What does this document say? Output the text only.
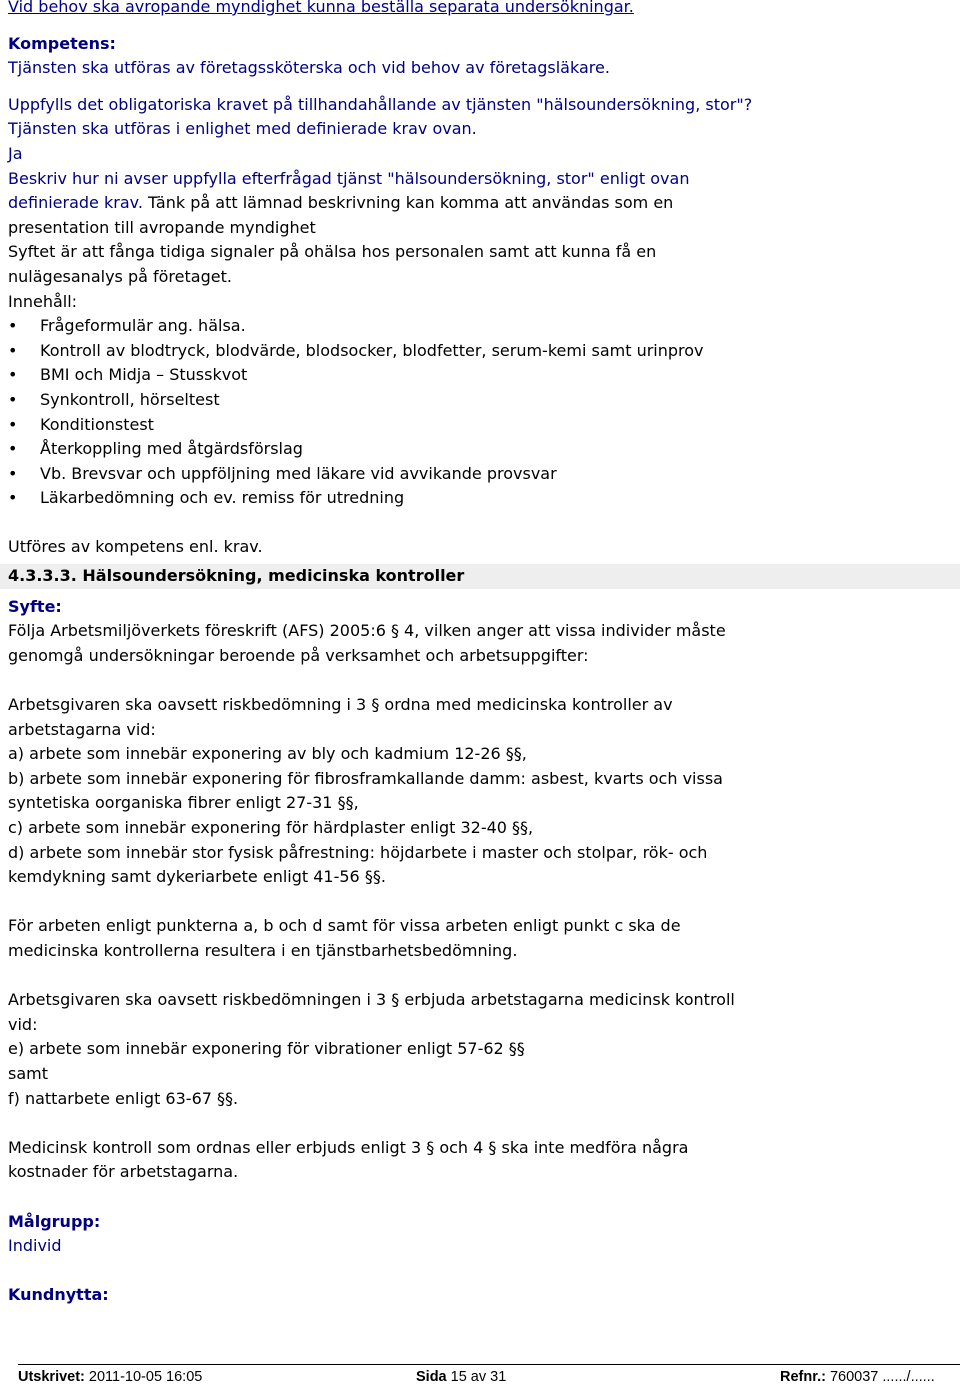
Vid behov ska avropande myndighet kunna beställa separata undersökningar.
Kompetens:
Tjänsten ska utföras av företagssköterska och vid behov av företagsläkare.
Uppfylls det obligatoriska kravet på tillhandahållande av tjänsten "hälsoundersökning, stor"?
Tjänsten ska utföras i enlighet med definierade krav ovan.
Ja
Beskriv hur ni avser uppfylla efterfrågad tjänst "hälsoundersökning, stor" enligt ovan
definierade krav. Tänk på att lämnad beskrivning kan komma att användas som en
presentation till avropande myndighet
Syftet är att fånga tidiga signaler på ohälsa hos personalen samt att kunna få en
nulägesanalys på företaget.
Innehåll:
• Frågeformulär ang. hälsa.
• Kontroll av blodtryck, blodvärde, blodsocker, blodfetter, serum-kemi samt urinprov
• BMI och Midja – Stusskvot
• Synkontroll, hörseltest
• Konditionstest
• Återkoppling med åtgärdsförslag
• Vb. Brevsvar och uppföljning med läkare vid avvikande provsvar
• Läkarbedömning och ev. remiss för utredning
Utföres av kompetens enl. krav.
4.3.3.3. Hälsoundersökning, medicinska kontroller
Syfte:
Följa Arbetsmiljöverkets föreskrift (AFS) 2005:6 § 4, vilken anger att vissa individer måste
genomgå undersökningar beroende på verksamhet och arbetsuppgifter:
Arbetsgivaren ska oavsett riskbedömning i 3 § ordna med medicinska kontroller av
arbetstagarna vid:
a) arbete som innebär exponering av bly och kadmium 12-26 §§,
b) arbete som innebär exponering för fibrosframkallande damm: asbest, kvarts och vissa
syntetiska oorganiska fibrer enligt 27-31 §§,
c) arbete som innebär exponering för härdplaster enligt 32-40 §§,
d) arbete som innebär stor fysisk påfrestning: höjdarbete i master och stolpar, rök- och
kemdykning samt dykeriarbete enligt 41-56 §§.
För arbeten enligt punkterna a, b och d samt för vissa arbeten enligt punkt c ska de
medicinska kontrollerna resultera i en tjänstbarhetsbedömning.
Arbetsgivaren ska oavsett riskbedömningen i 3 § erbjuda arbetstagarna medicinsk kontroll
vid:
e) arbete som innebär exponering för vibrationer enligt 57-62 §§
samt
f) nattarbete enligt 63-67 §§.
Medicinsk kontroll som ordnas eller erbjuds enligt 3 § och 4 § ska inte medföra några
kostnader för arbetstagarna.
Målgrupp:
Individ
Kundnytta:
Utskrivet: 2011-10-05 16:05	Sida 15 av 31	Refnr.: 760037 ....../......
